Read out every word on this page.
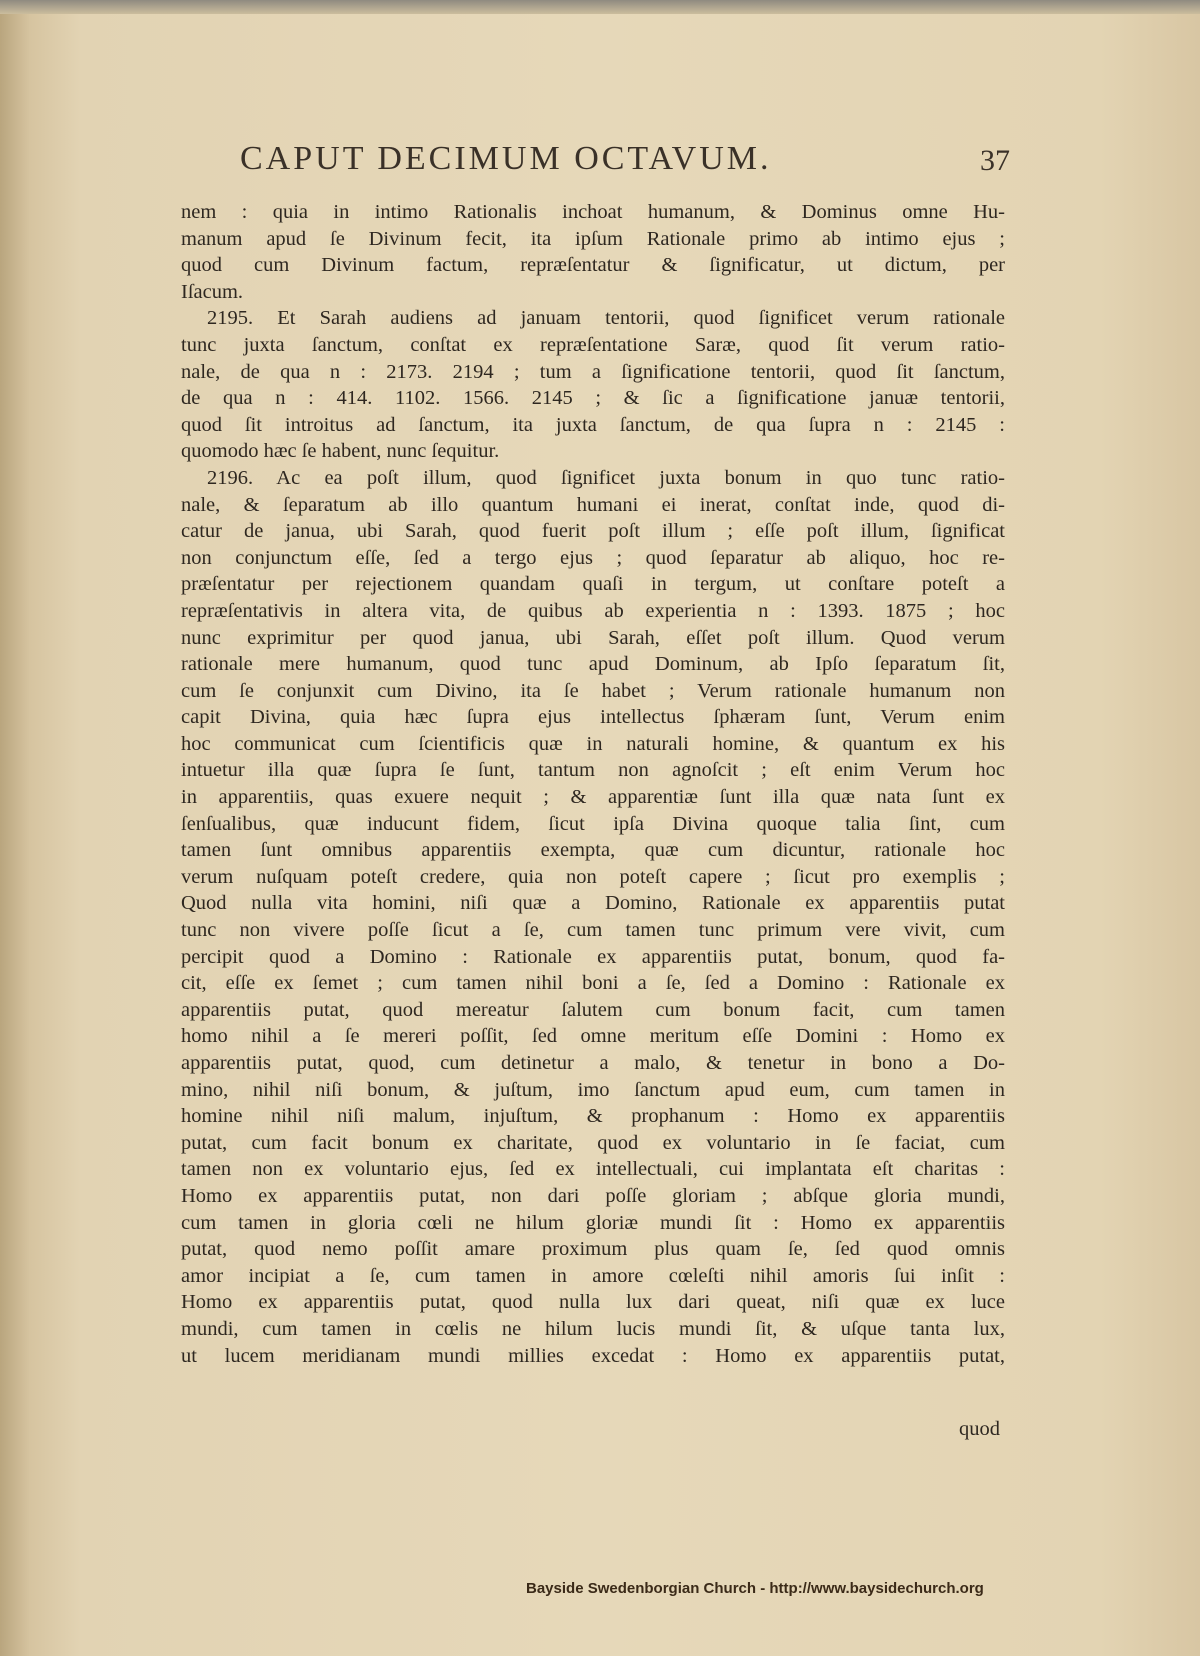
CAPUT DECIMUM OCTAVUM.	37
nem : quia in intimo Rationalis inchoat humanum, & Dominus omne Hu-
manum apud ſe Divinum fecit, ita ipſum Rationale primo ab intimo ejus ;
quod cum Divinum factum, repræſentatur & ſignificatur, ut dictum, per
Iſacum.
2195. Et Sarah audiens ad januam tentorii, quod ſignificet verum rationale
tunc juxta ſanctum, conſtat ex repræſentatione Saræ, quod ſit verum ratio-
nale, de qua n : 2173. 2194 ; tum a ſignificatione tentorii, quod ſit ſanctum,
de qua n : 414. 1102. 1566. 2145 ; & ſic a ſignificatione januæ tentorii,
quod ſit introitus ad ſanctum, ita juxta ſanctum, de qua ſupra n : 2145 :
quomodo hæc ſe habent, nunc ſequitur.
2196. Ac ea poſt illum, quod ſignificet juxta bonum in quo tunc ratio-
nale, & ſeparatum ab illo quantum humani ei inerat, conſtat inde, quod di-
catur de janua, ubi Sarah, quod fuerit poſt illum ; eſſe poſt illum, ſignificat
non conjunctum eſſe, ſed a tergo ejus ; quod ſeparatur ab aliquo, hoc re-
præſentatur per rejectionem quandam quaſi in tergum, ut conſtare poteſt a
repræſentativis in altera vita, de quibus ab experientia n : 1393. 1875 ; hoc
nunc exprimitur per quod janua, ubi Sarah, eſſet poſt illum. Quod verum
rationale mere humanum, quod tunc apud Dominum, ab Ipſo ſeparatum ſit,
cum ſe conjunxit cum Divino, ita ſe habet ; Verum rationale humanum non
capit Divina, quia hæc ſupra ejus intellectus ſphæram ſunt, Verum enim
hoc communicat cum ſcientificis quæ in naturali homine, & quantum ex his
intuetur illa quæ ſupra ſe ſunt, tantum non agnoſcit ; eſt enim Verum hoc
in apparentiis, quas exuere nequit ; & apparentiæ ſunt illa quæ nata ſunt ex
ſenſualibus, quæ inducunt fidem, ſicut ipſa Divina quoque talia ſint, cum
tamen ſunt omnibus apparentiis exempta, quæ cum dicuntur, rationale hoc
verum nuſquam poteſt credere, quia non poteſt capere ; ſicut pro exemplis ;
Quod nulla vita homini, niſi quæ a Domino, Rationale ex apparentiis putat
tunc non vivere poſſe ſicut a ſe, cum tamen tunc primum vere vivit, cum
percipit quod a Domino : Rationale ex apparentiis putat, bonum, quod fa-
cit, eſſe ex ſemet ; cum tamen nihil boni a ſe, ſed a Domino : Rationale ex
apparentiis putat, quod mereatur ſalutem cum bonum facit, cum tamen
homo nihil a ſe mereri poſſit, ſed omne meritum eſſe Domini : Homo ex
apparentiis putat, quod, cum detinetur a malo, & tenetur in bono a Do-
mino, nihil niſi bonum, & juſtum, imo ſanctum apud eum, cum tamen in
homine nihil niſi malum, injuſtum, & prophanum : Homo ex apparentiis
putat, cum facit bonum ex charitate, quod ex voluntario in ſe faciat, cum
tamen non ex voluntario ejus, ſed ex intellectuali, cui implantata eſt charitas :
Homo ex apparentiis putat, non dari poſſe gloriam ; abſque gloria mundi,
cum tamen in gloria cœli ne hilum gloriæ mundi ſit : Homo ex apparentiis
putat, quod nemo poſſit amare proximum plus quam ſe, ſed quod omnis
amor incipiat a ſe, cum tamen in amore cœleſti nihil amoris ſui inſit :
Homo ex apparentiis putat, quod nulla lux dari queat, niſi quæ ex luce
mundi, cum tamen in cœlis ne hilum lucis mundi ſit, & uſque tanta lux,
ut lucem meridianam mundi millies excedat : Homo ex apparentiis putat,
quod
Bayside Swedenborgian Church - http://www.baysidechurch.org
